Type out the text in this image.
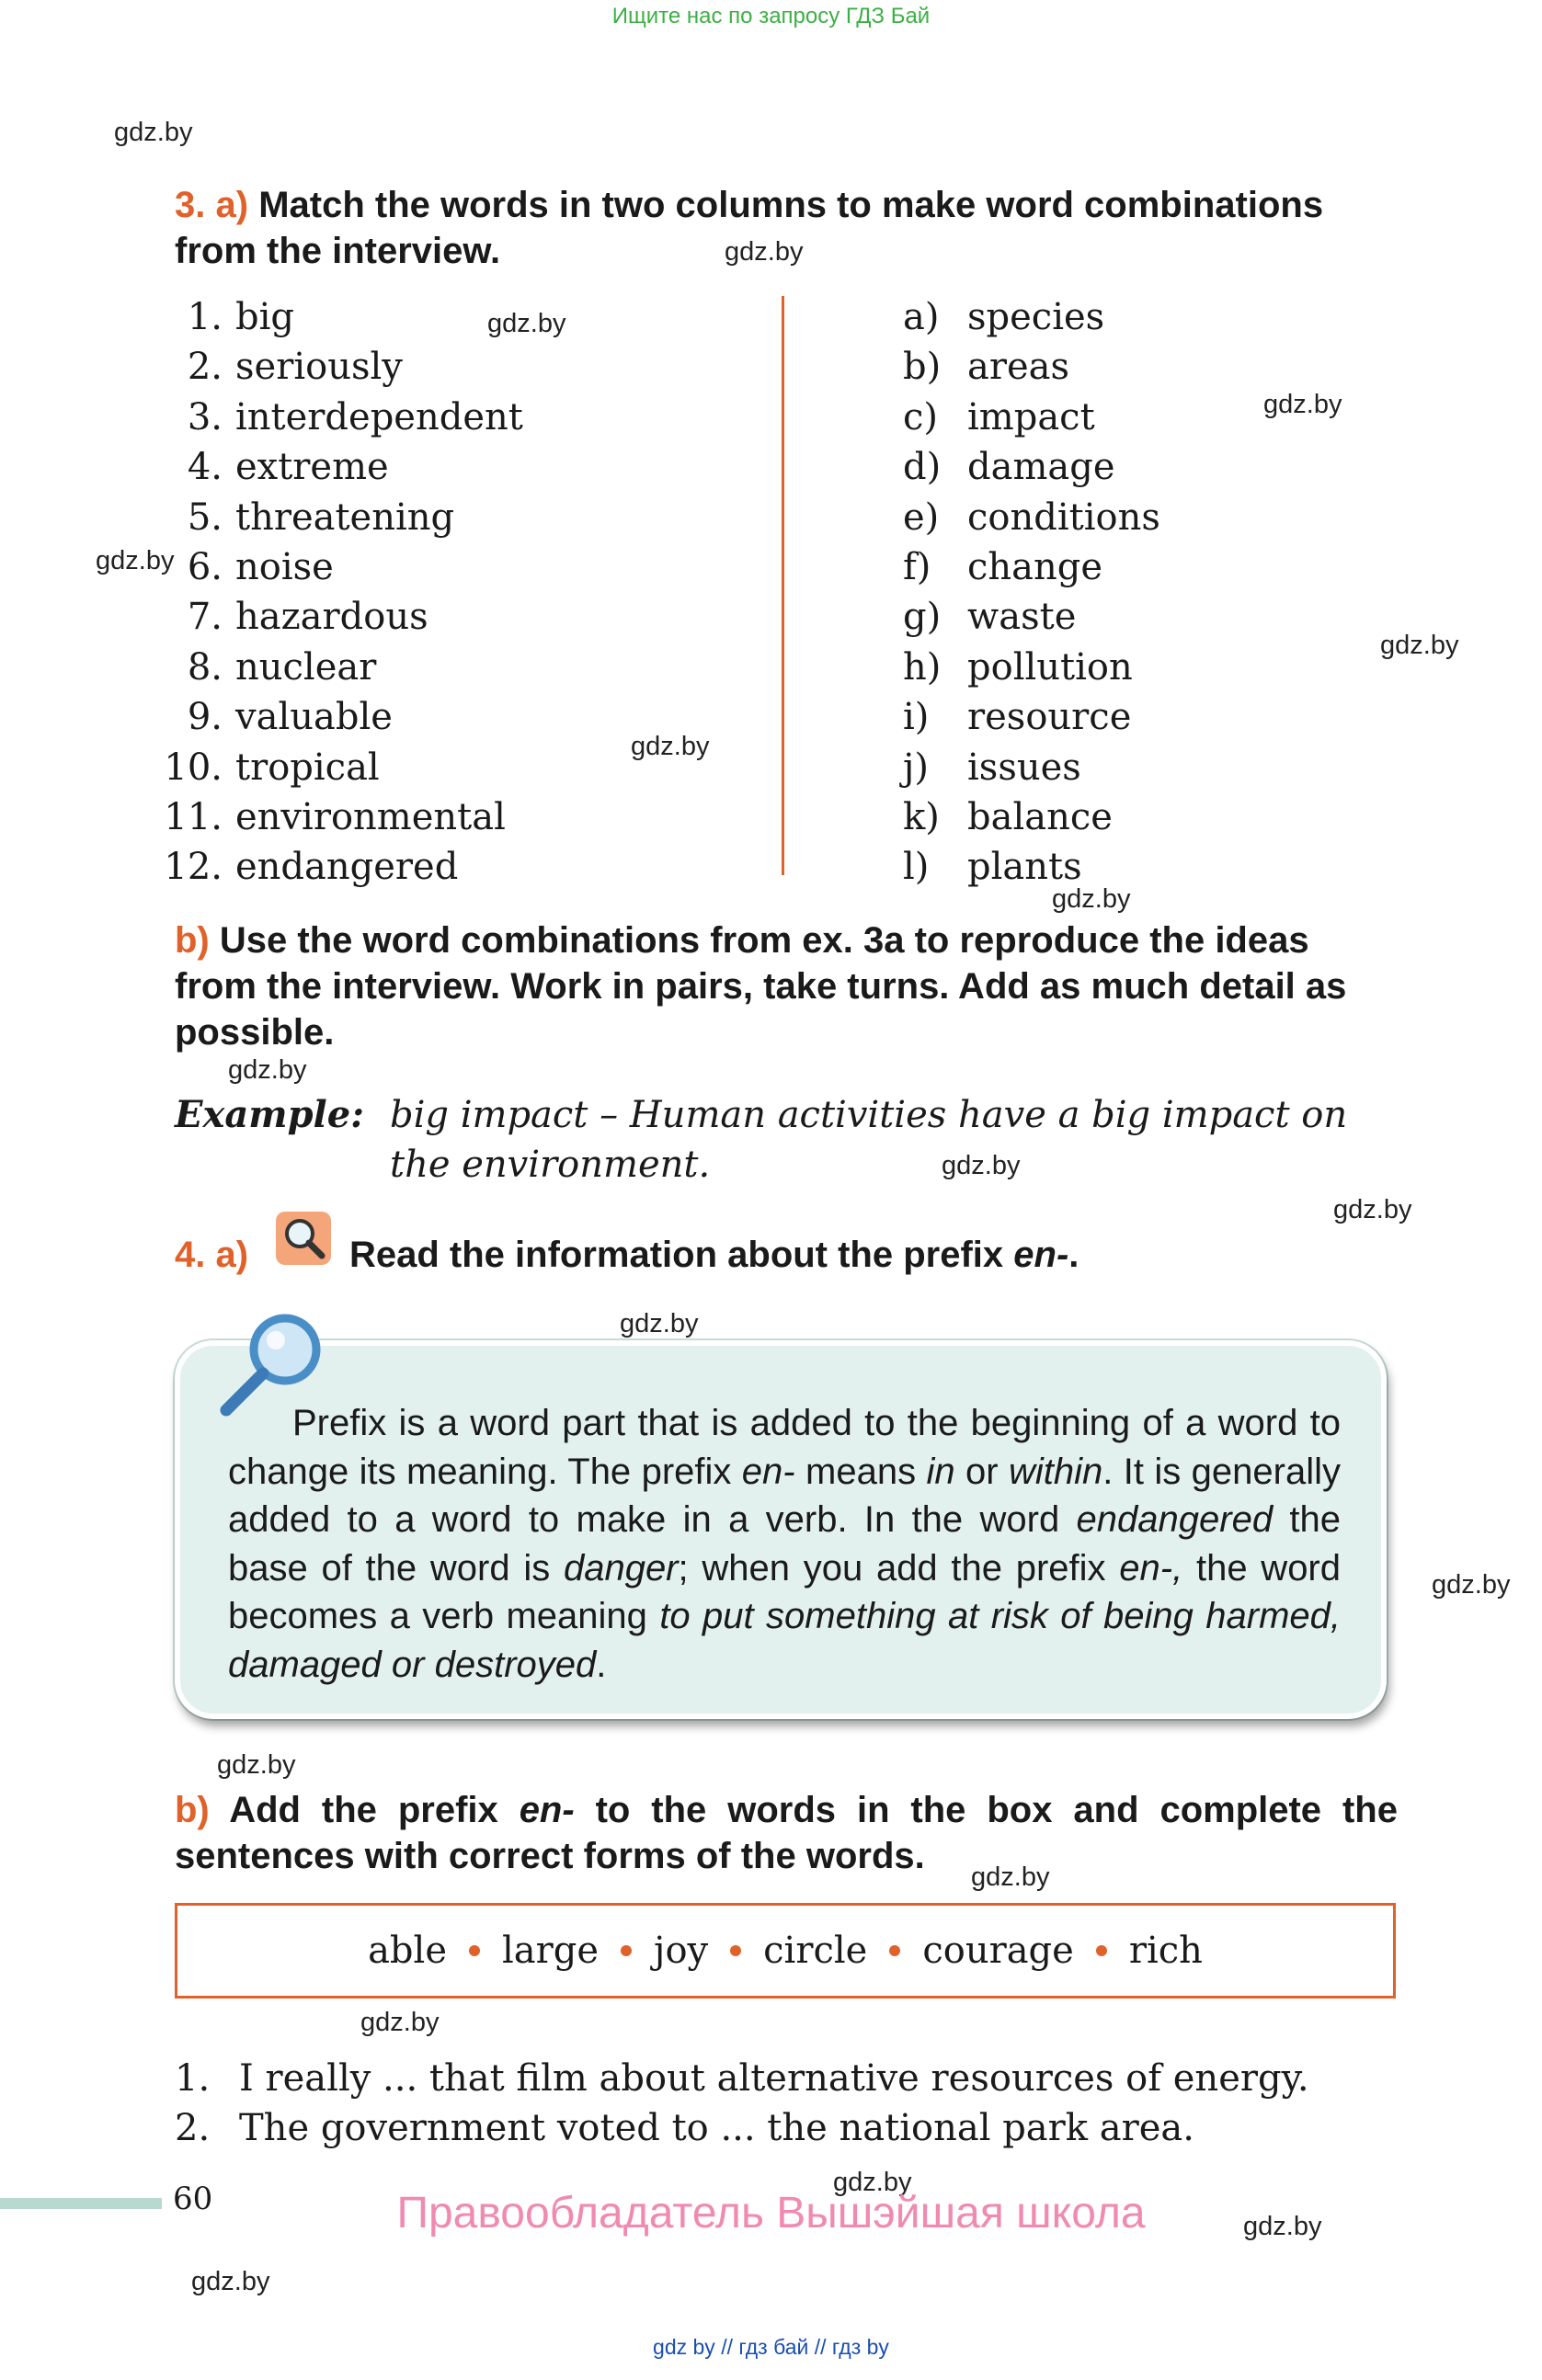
Ищите нас по запросу ГДЗ Бай
gdz.by
gdz.by
gdz.by
gdz.by
gdz.by
gdz.by
gdz.by
gdz.by
gdz.by
gdz.by
gdz.by
gdz.by
gdz.by
gdz.by
gdz.by
gdz.by
gdz.by
gdz.by
gdz.by
3. a) Match the words in two columns to make word combinations
from the interview.
1. big
2. seriously
3. interdependent
4. extreme
5. threatening
6. noise
7. hazardous
8. nuclear
9. valuable
10. tropical
11. environmental
12. endangered
a) species
b) areas
c) impact
d) damage
e) conditions
f) change
g) waste
h) pollution
i) resource
j) issues
k) balance
l) plants
b) Use the word combinations from ex. 3a to reproduce the ideas
from the interview. Work in pairs, take turns. Add as much detail as
possible.
Example: big impact – Human activities have a big impact on
the environment.
4. a)	Read the information about the prefix en-.
Prefix is a word part that is added to the beginning of a word to change its meaning. The prefix en- means in or within. It is generally added to a word to make in a verb. In the word endangered the base of the word is danger; when you add the prefix en-, the word becomes a verb meaning to put something at risk of being harmed, damaged or destroyed.
b) Add the prefix en- to the words in the box and complete the
sentences with correct forms of the words.
able large joy circle courage rich
1. I really ... that film about alternative resources of energy.
2. The government voted to ... the national park area.
60	Правообладатель Вышэйшая школа
gdz by // гдз бай // гдз by
